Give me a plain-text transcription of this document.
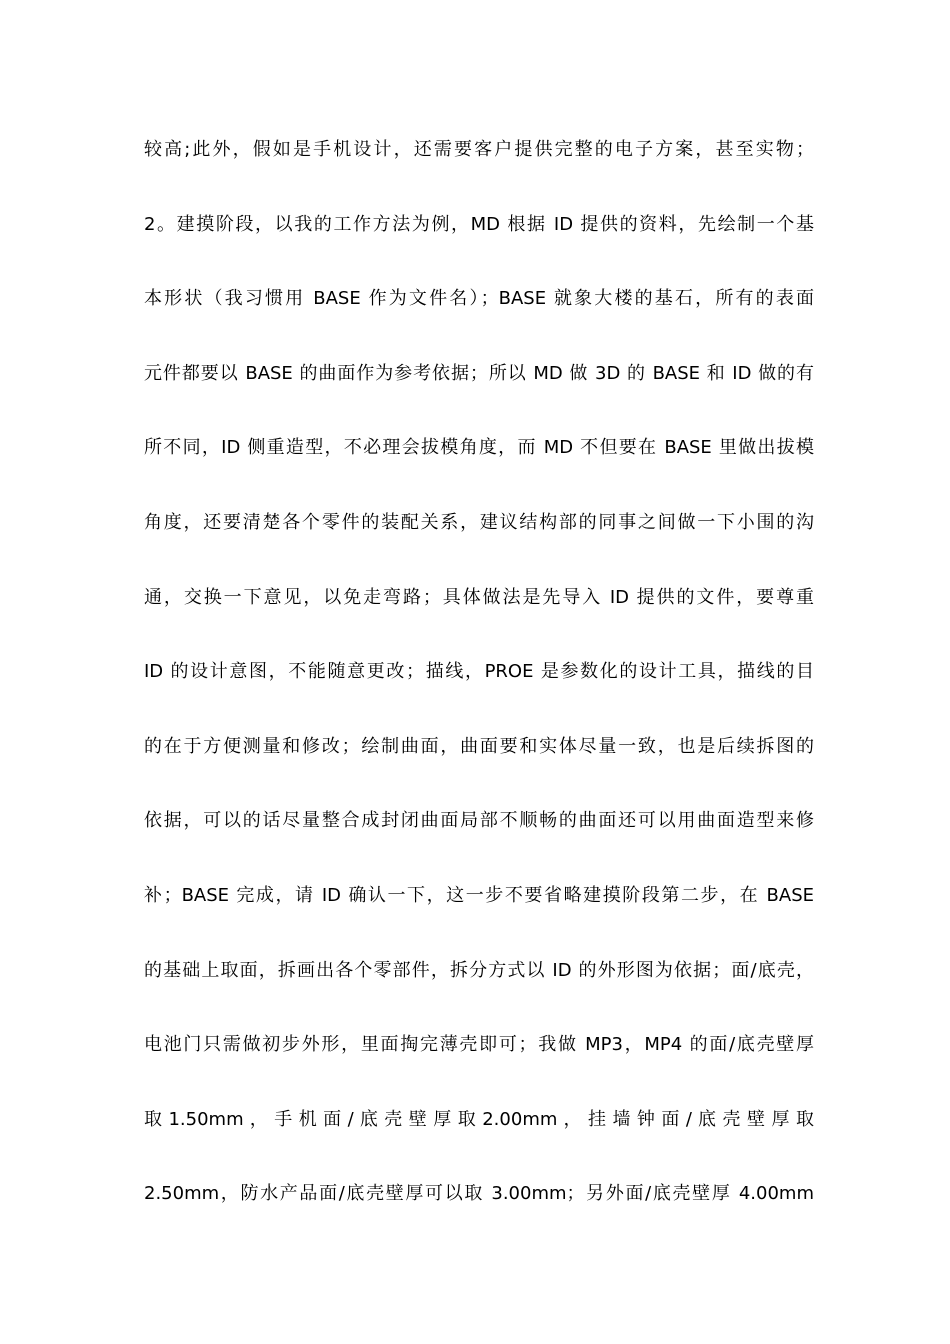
较高;此外，假如是手机设计，还需要客户提供完整的电子方案，甚至实物；
2。建摸阶段，以我的工作方法为例，MD 根据 ID 提供的资料，先绘制一个基
本形状（我习惯用 BASE 作为文件名）；BASE 就象大楼的基石，所有的表面
元件都要以 BASE 的曲面作为参考依据；所以 MD 做 3D 的 BASE 和 ID 做的有
所不同，ID 侧重造型，不必理会拔模角度，而 MD 不但要在 BASE 里做出拔模
角度，还要清楚各个零件的装配关系，建议结构部的同事之间做一下小围的沟
通，交换一下意见，以免走弯路；具体做法是先导入 ID 提供的文件，要尊重
ID 的设计意图，不能随意更改；描线，PROE 是参数化的设计工具，描线的目
的在于方便测量和修改；绘制曲面，曲面要和实体尽量一致，也是后续拆图的
依据，可以的话尽量整合成封闭曲面局部不顺畅的曲面还可以用曲面造型来修
补；BASE 完成，请 ID 确认一下，这一步不要省略建摸阶段第二步，在 BASE
的基础上取面，拆画出各个零部件，拆分方式以 ID 的外形图为依据；面/底壳，
电池门只需做初步外形，里面掏完薄壳即可；我做 MP3，MP4 的面/底壳壁厚
取 1.50mm ， 手 机 面 / 底 壳 壁 厚 取 2.00mm ， 挂 墙 钟 面 / 底 壳 壁 厚 取
2.50mm，防水产品面/底壳壁厚可以取 3.00mm；另外面/底壳壁厚 4.00mm
